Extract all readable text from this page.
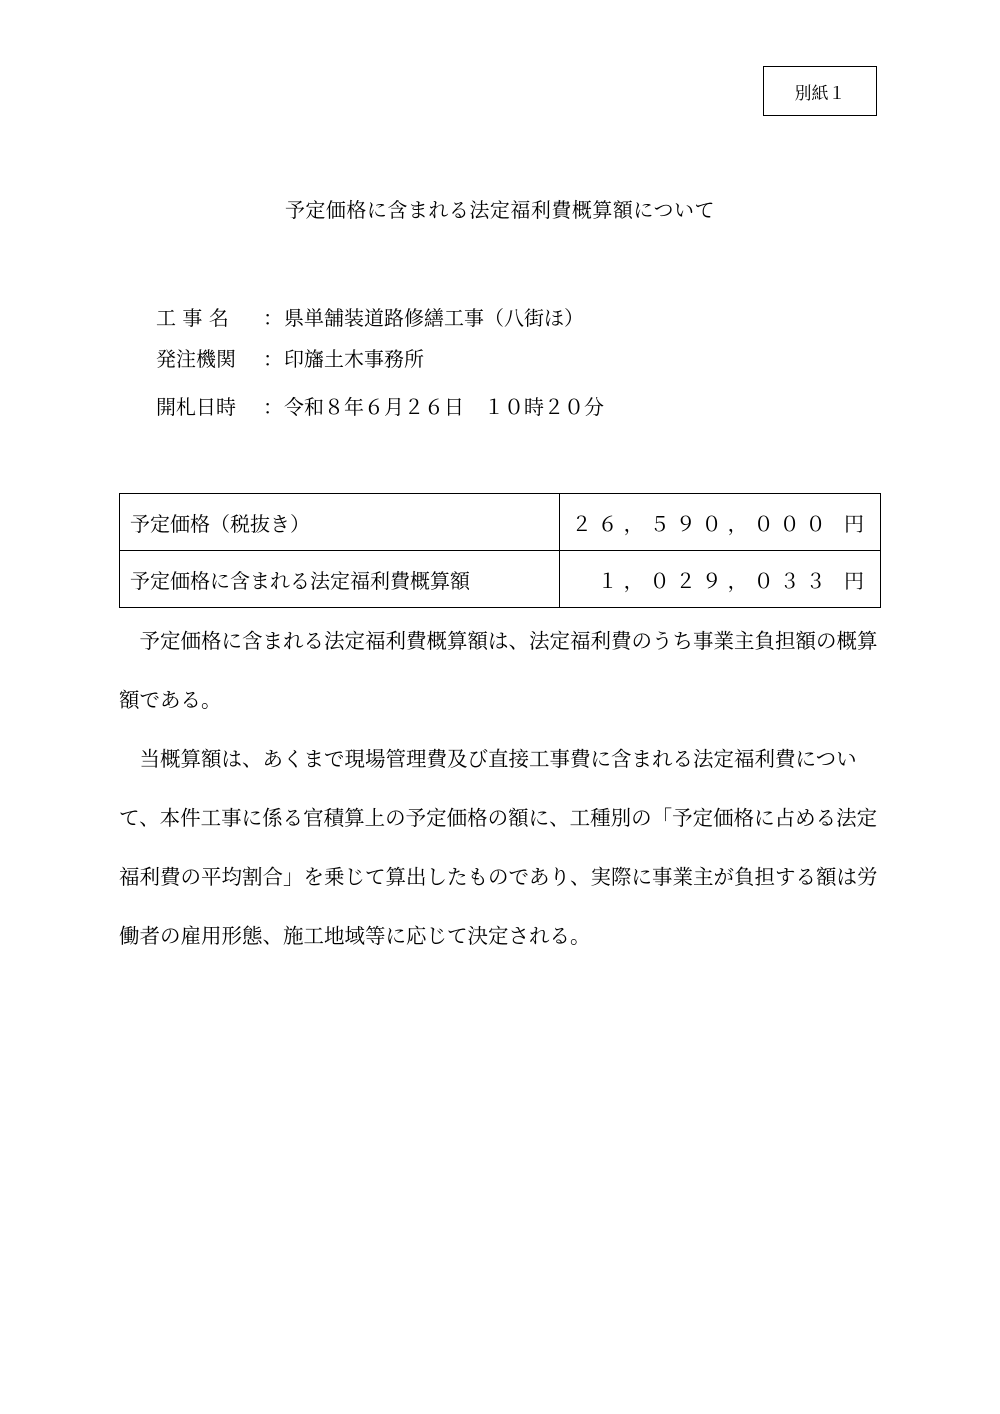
別紙１
予定価格に含まれる法定福利費概算額について
工 事 名	： 県単舗装道路修繕工事（八街ほ）
発注機関	： 印旛土木事務所
開札日時	： 令和８年６月２６日　１０時２０分
予定価格（税抜き）	２６，５９０，０００ 円
予定価格に含まれる法定福利費概算額	１，０２９，０３３ 円

予定価格に含まれる法定福利費概算額は、法定福利費のうち事業主負担額の概算額である。

当概算額は、あくまで現場管理費及び直接工事費に含まれる法定福利費について、本件工事に係る官積算上の予定価格の額に、工種別の「予定価格に占める法定福利費の平均割合」を乗じて算出したものであり、実際に事業主が負担する額は労働者の雇用形態、施工地域等に応じて決定される。
